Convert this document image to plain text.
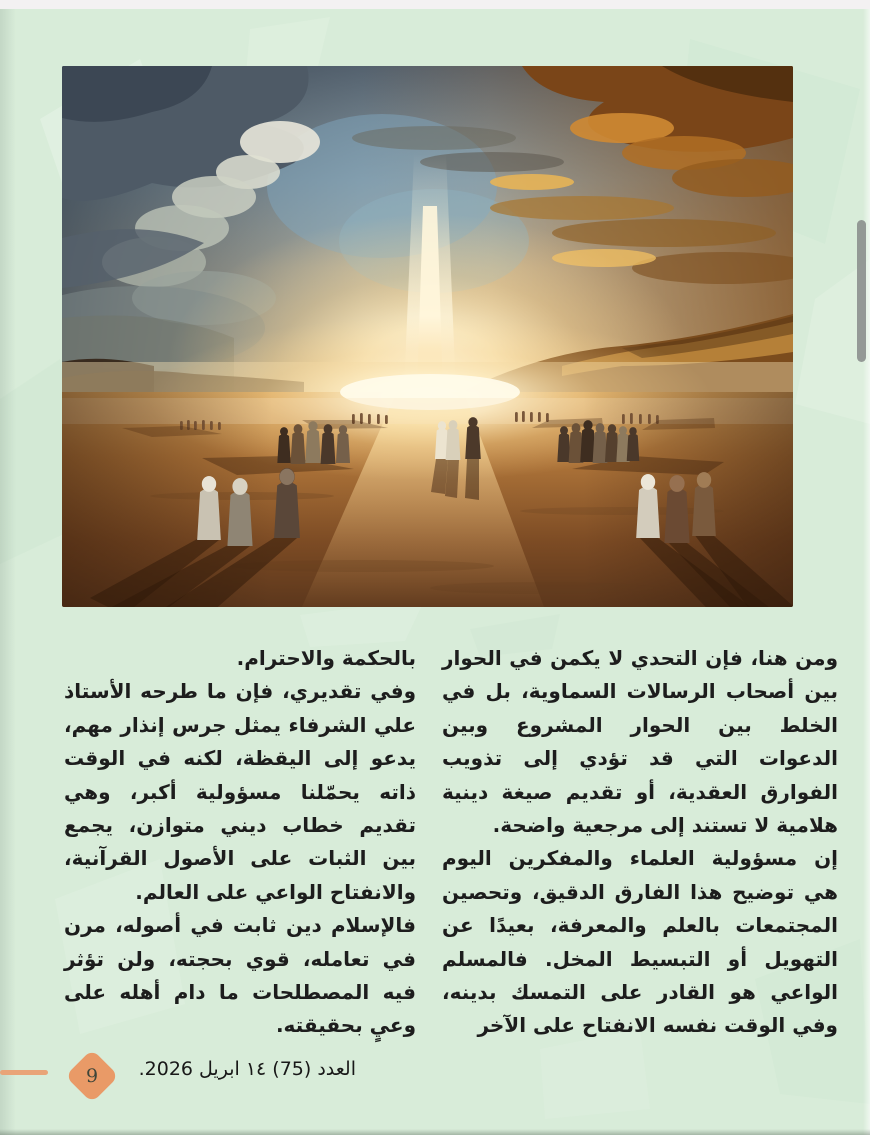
ومن هنا، فإن التحدي لا يكمن في الحوار بين أصحاب الرسالات السماوية، بل في الخلط بين الحوار المشروع وبين الدعوات التي قد تؤدي إلى تذويب الفوارق العقدية، أو تقديم صيغة دينية هلامية لا تستند إلى مرجعية واضحة.

إن مسؤولية العلماء والمفكرين اليوم هي توضيح هذا الفارق الدقيق، وتحصين المجتمعات بالعلم والمعرفة، بعيدًا عن التهويل أو التبسيط المخل. فالمسلم الواعي هو القادر على التمسك بدينه، وفي الوقت نفسه الانفتاح على الآخر

بالحكمة والاحترام.

وفي تقديري، فإن ما طرحه الأستاذ علي الشرفاء يمثل جرس إنذار مهم، يدعو إلى اليقظة، لكنه في الوقت ذاته يحمّلنا مسؤولية أكبر، وهي تقديم خطاب ديني متوازن، يجمع بين الثبات على الأصول القرآنية، والانفتاح الواعي على العالم.

فالإسلام دين ثابت في أصوله، مرن في تعامله، قوي بحجته، ولن تؤثر فيه المصطلحات ما دام أهله على وعيٍ بحقيقته.

9	العدد (75) ١٤ ابريل 2026.
